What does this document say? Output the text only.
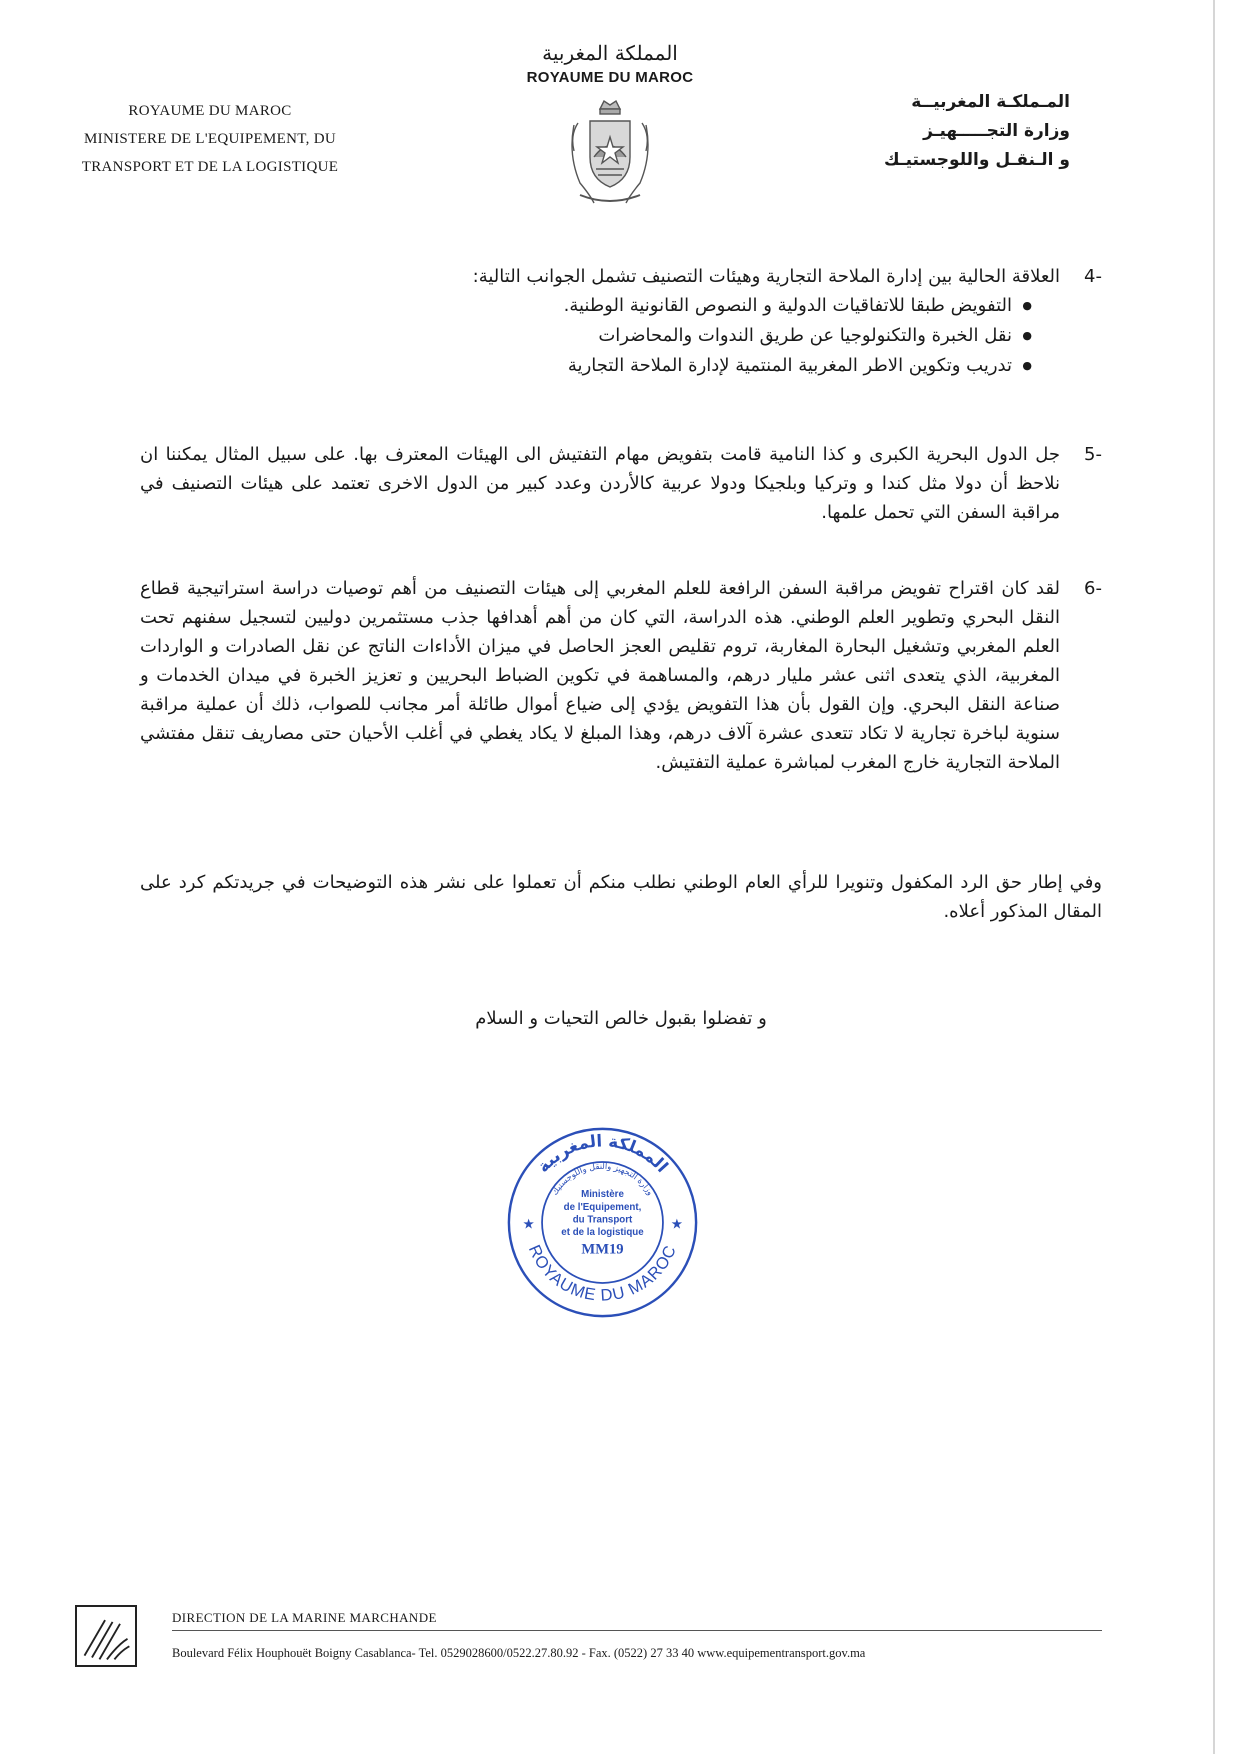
ROYAUME DU MAROC
MINISTERE DE L'EQUIPEMENT, DU
TRANSPORT ET DE LA LOGISTIQUE
المملكة المغربية
ROYAUME DU MAROC
المـملكـة المغربيــة
وزارة التجـــــهيـز
و الـنقـل واللوجستيـك
4-
العلاقة الحالية بين إدارة الملاحة التجارية وهيئات التصنيف تشمل الجوانب التالية:
● التفويض طبقا للاتفاقيات الدولية و النصوص القانونية الوطنية.
● نقل الخبرة والتكنولوجيا عن طريق الندوات والمحاضرات
● تدريب وتكوين الاطر المغربية المنتمية لإدارة الملاحة التجارية
5-
جل الدول البحرية الكبرى و كذا النامية قامت بتفويض مهام التفتيش الى الهيئات المعترف بها. على سبيل المثال يمكننا ان نلاحظ أن دولا مثل كندا و وتركيا وبلجيكا ودولا عربية كالأردن وعدد كبير من الدول الاخرى تعتمد على هيئات التصنيف في مراقبة السفن التي تحمل علمها.
6-
لقد كان اقتراح تفويض مراقبة السفن الرافعة للعلم المغربي إلى هيئات التصنيف من أهم توصيات دراسة استراتيجية قطاع النقل البحري وتطوير العلم الوطني. هذه الدراسة، التي كان من أهم أهدافها جذب مستثمرين دوليين لتسجيل سفنهم تحت العلم المغربي وتشغيل البحارة المغاربة، تروم تقليص العجز الحاصل في ميزان الأداءات الناتج عن نقل الصادرات و الواردات المغربية، الذي يتعدى اثنى عشر مليار درهم، والمساهمة في تكوين الضباط البحريين و تعزيز الخبرة في ميدان الخدمات و صناعة النقل البحري. وإن القول بأن هذا التفويض يؤدي إلى ضياع أموال طائلة أمر مجانب للصواب، ذلك أن عملية مراقبة سنوية لباخرة تجارية لا تكاد تتعدى عشرة آلاف درهم، وهذا المبلغ لا يكاد يغطي في أغلب الأحيان حتى مصاريف تنقل مفتشي الملاحة التجارية خارج المغرب لمباشرة عملية التفتيش.
وفي إطار حق الرد المكفول وتنويرا للرأي العام الوطني نطلب منكم أن تعملوا على نشر هذه التوضيحات في جريدتكم كرد على المقال المذكور أعلاه.
و تفضلوا بقبول خالص التحيات و السلام
المملكة المغربية
وزارة التجهيز والنقل واللوجستيك
ROYAUME DU MAROC
★	★
Ministère
de l'Equipement,
du Transport
et de la logistique
MM19
DIRECTION DE LA MARINE MARCHANDE
Boulevard Félix Houphouët Boigny Casablanca- Tel. 0529028600/0522.27.80.92 - Fax. (0522) 27 33 40 www.equipementransport.gov.ma
